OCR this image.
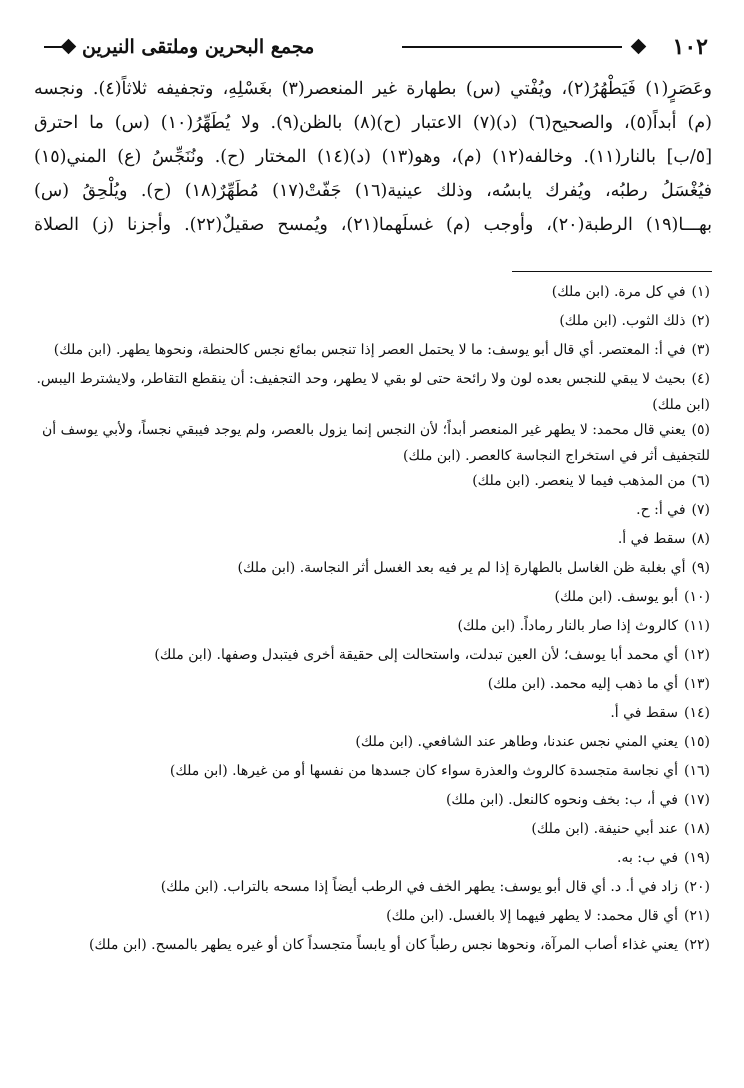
١٠٢
مجمع البحرين وملتقى النيرين
وعَصَرٍ(١) فَيَطْهُرُ(٢)، ويُفْتي (س) بطهارة غير المنعصر(٣) بغَسْلِهِ، وتجفيفه ثلاثاً(٤). ونجسه
(م) أبداً(٥)، والصحيح(٦) (د)(٧) الاعتبار (ح)(٨) بالظن(٩). ولا يُطَهِّرُ(١٠) (س) ما احترق
[٥/ب] بالنار(١١). وخالفه(١٢) (م)، وهو(١٣) (د)(١٤) المختار (ح). ونُنَجِّسُ (ع) المني(١٥)
فيُغْسَلُ رطبُه، ويُفرك يابسُه، وذلك عينية(١٦) جَفّتْ(١٧) مُطَهِّرٌ(١٨) (ح). ويُلْحِقُ (س)
بهـــا(١٩) الرطبة(٢٠)، وأوجب (م) غسلَهما(٢١)، ويُمسح صقيلٌ(٢٢). وأجزنا (ز) الصلاة
(١)في كل مرة. (ابن ملك)
(٢)ذلك الثوب. (ابن ملك)
(٣)في أ: المعتصر. أي قال أبو يوسف: ما لا يحتمل العصر إذا تنجس بمائع نجس كالحنطة، ونحوها يطهر. (ابن ملك)
(٤)بحيث لا يبقي للنجس بعده لون ولا رائحة حتى لو بقي لا يطهر، وحد التجفيف: أن ينقطع التقاطر، ولايشترط اليبس. (ابن ملك)
(٥)يعني قال محمد: لا يطهر غير المنعصر أبداً؛ لأن النجس إنما يزول بالعصر، ولم يوجد فيبقي نجساً، ولأبي يوسف أن للتجفيف أثر في استخراج النجاسة كالعصر. (ابن ملك)
(٦)من المذهب فيما لا ينعصر. (ابن ملك)
(٧)في أ: ح.
(٨)سقط في أ.
(٩)أي بغلبة ظن الغاسل بالطهارة إذا لم ير فيه بعد الغسل أثر النجاسة. (ابن ملك)
(١٠)أبو يوسف. (ابن ملك)
(١١)كالروث إذا صار بالنار رماداً. (ابن ملك)
(١٢)أي محمد أبا يوسف؛ لأن العين تبدلت، واستحالت إلى حقيقة أخرى فيتبدل وصفها. (ابن ملك)
(١٣)أي ما ذهب إليه محمد. (ابن ملك)
(١٤)سقط في أ.
(١٥)يعني المني نجس عندنا، وطاهر عند الشافعي. (ابن ملك)
(١٦)أي نجاسة متجسدة كالروث والعذرة سواء كان جسدها من نفسها أو من غيرها. (ابن ملك)
(١٧)في أ، ب: بخف ونحوه كالنعل. (ابن ملك)
(١٨)عند أبي حنيفة. (ابن ملك)
(١٩)في ب: به.
(٢٠)زاد في أ. د. أي قال أبو يوسف: يطهر الخف في الرطب أيضاً إذا مسحه بالتراب. (ابن ملك)
(٢١)أي قال محمد: لا يطهر فيهما إلا بالغسل. (ابن ملك)
(٢٢)يعني غذاء أصاب المرآة، ونحوها نجس رطباً كان أو يابساً متجسداً كان أو غيره يطهر بالمسح. (ابن ملك)
